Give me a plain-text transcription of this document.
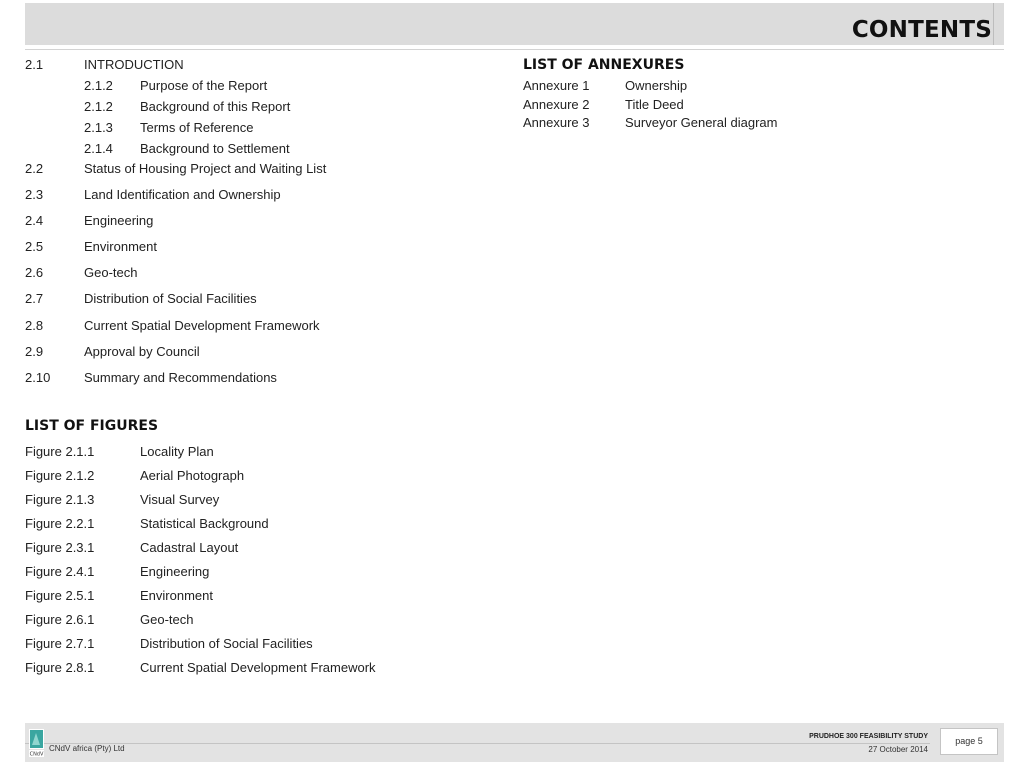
CONTENTS
2.1	INTRODUCTION
2.1.2 Purpose of the Report
2.1.2 Background of this Report
2.1.3 Terms of Reference
2.1.4 Background to Settlement
2.2	Status of Housing Project and Waiting List
2.3	Land Identification and Ownership
2.4	Engineering
2.5	Environment
2.6	Geo-tech
2.7	Distribution of Social Facilities
2.8	Current Spatial Development Framework
2.9	Approval by Council
2.10	Summary and Recommendations
LIST OF FIGURES
Figure 2.1.1	Locality Plan
Figure 2.1.2	Aerial Photograph
Figure 2.1.3	Visual Survey
Figure 2.2.1	Statistical Background
Figure 2.3.1	Cadastral Layout
Figure 2.4.1	Engineering
Figure 2.5.1	Environment
Figure 2.6.1	Geo-tech
Figure 2.7.1	Distribution of Social Facilities
Figure 2.8.1	Current Spatial Development Framework
LIST OF ANNEXURES
Annexure 1	Ownership
Annexure 2	Title Deed
Annexure 3	Surveyor General diagram
CNdV
CNdV africa (Pty) Ltd
PRUDHOE 300 FEASIBILITY STUDY
27 October 2014
page 5
